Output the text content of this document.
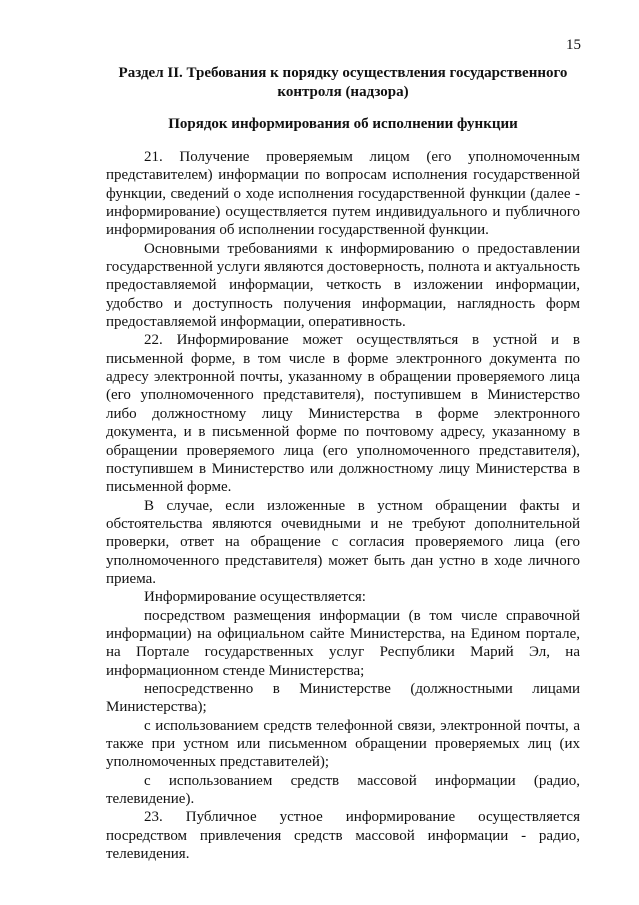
15
Раздел II. Требования к порядку осуществления государственного контроля (надзора)
Порядок информирования об исполнении функции

21. Получение проверяемым лицом (его уполномоченным представителем) информации по вопросам исполнения государственной функции, сведений о ходе исполнения государственной функции (далее - информирование) осуществляется путем индивидуального и публичного информирования об исполнении государственной функции.

Основными требованиями к информированию о предоставлении государственной услуги являются достоверность, полнота и актуальность предоставляемой информации, четкость в изложении информации, удобство и доступность получения информации, наглядность форм предоставляемой информации, оперативность.

22. Информирование может осуществляться в устной и в письменной форме, в том числе в форме электронного документа по адресу электронной почты, указанному в обращении проверяемого лица (его уполномоченного представителя), поступившем в Министерство либо должностному лицу Министерства в форме электронного документа, и в письменной форме по почтовому адресу, указанному в обращении проверяемого лица (его уполномоченного представителя), поступившем в Министерство или должностному лицу Министерства в письменной форме.

В случае, если изложенные в устном обращении факты и обстоятельства являются очевидными и не требуют дополнительной проверки, ответ на обращение с согласия проверяемого лица (его уполномоченного представителя) может быть дан устно в ходе личного приема.

Информирование осуществляется:

посредством размещения информации (в том числе справочной информации) на официальном сайте Министерства, на Едином портале, на Портале государственных услуг Республики Марий Эл, на информационном стенде Министерства;

непосредственно в Министерстве (должностными лицами Министерства);

с использованием средств телефонной связи, электронной почты, а также при устном или письменном обращении проверяемых лиц (их уполномоченных представителей);

с использованием средств массовой информации (радио, телевидение).

23. Публичное устное информирование осуществляется посредством привлечения средств массовой информации - радио, телевидения.
